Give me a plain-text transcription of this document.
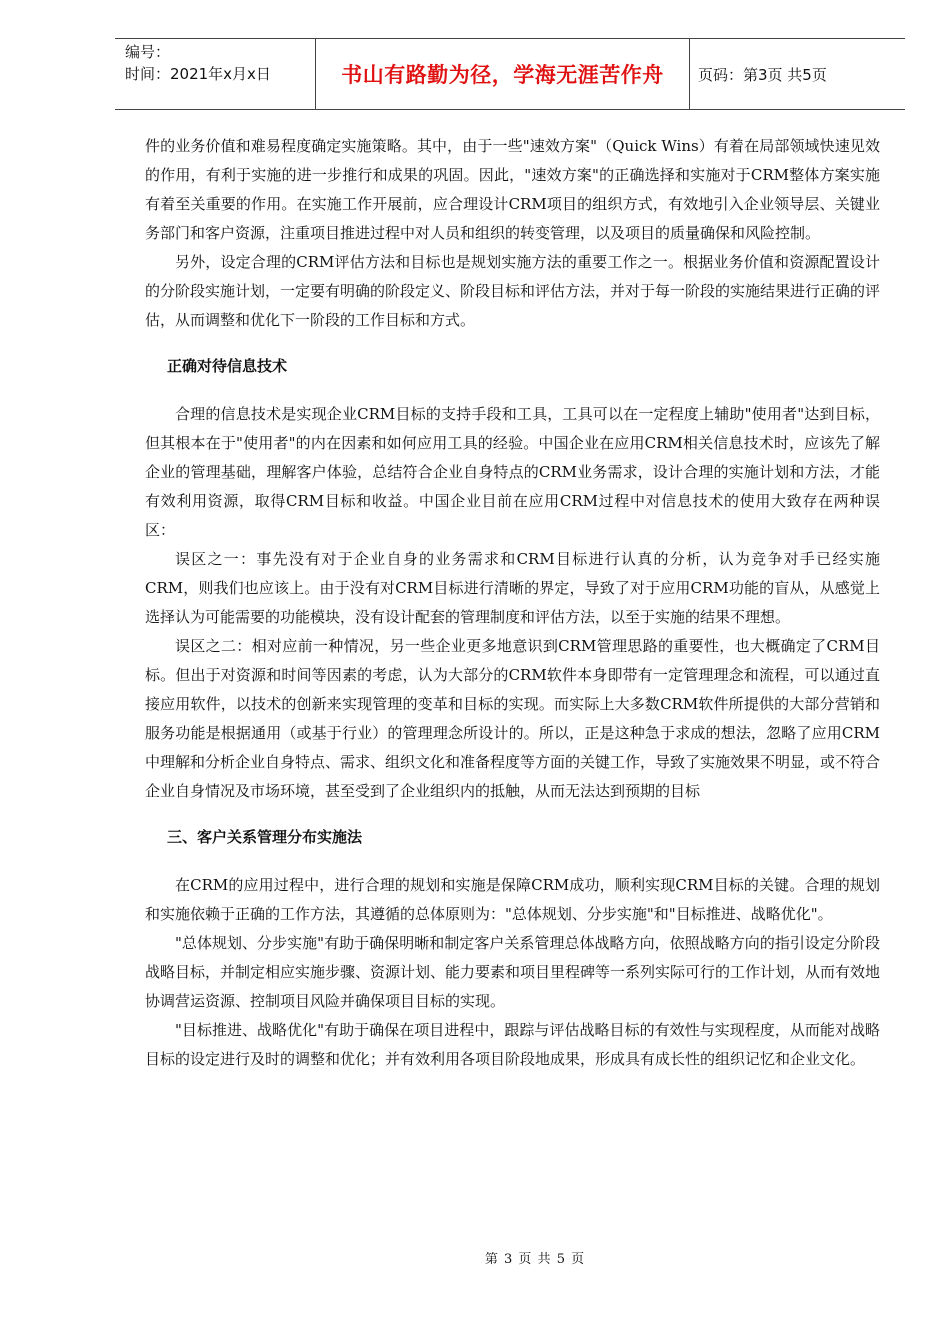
编号：
时间：2021年x月x日	书山有路勤为径，学海无涯苦作舟	页码：第3页 共5页

件的业务价值和难易程度确定实施策略。其中，由于一些"速效方案"（Quick Wins）有着在局部领域快速见效的作用，有利于实施的进一步推行和成果的巩固。因此，"速效方案"的正确选择和实施对于CRM整体方案实施有着至关重要的作用。在实施工作开展前，应合理设计CRM项目的组织方式，有效地引入企业领导层、关键业务部门和客户资源，注重项目推进过程中对人员和组织的转变管理，以及项目的质量确保和风险控制。

另外，设定合理的CRM评估方法和目标也是规划实施方法的重要工作之一。根据业务价值和资源配置设计的分阶段实施计划，一定要有明确的阶段定义、阶段目标和评估方法，并对于每一阶段的实施结果进行正确的评估，从而调整和优化下一阶段的工作目标和方式。

正确对待信息技术

合理的信息技术是实现企业CRM目标的支持手段和工具，工具可以在一定程度上辅助"使用者"达到目标，但其根本在于"使用者"的内在因素和如何应用工具的经验。中国企业在应用CRM相关信息技术时，应该先了解企业的管理基础，理解客户体验，总结符合企业自身特点的CRM业务需求，设计合理的实施计划和方法，才能有效利用资源，取得CRM目标和收益。中国企业目前在应用CRM过程中对信息技术的使用大致存在两种误区：

误区之一：事先没有对于企业自身的业务需求和CRM目标进行认真的分析，认为竞争对手已经实施CRM，则我们也应该上。由于没有对CRM目标进行清晰的界定，导致了对于应用CRM功能的盲从，从感觉上选择认为可能需要的功能模块，没有设计配套的管理制度和评估方法，以至于实施的结果不理想。

误区之二：相对应前一种情况，另一些企业更多地意识到CRM管理思路的重要性，也大概确定了CRM目标。但出于对资源和时间等因素的考虑，认为大部分的CRM软件本身即带有一定管理理念和流程，可以通过直接应用软件，以技术的创新来实现管理的变革和目标的实现。而实际上大多数CRM软件所提供的大部分营销和服务功能是根据通用（或基于行业）的管理理念所设计的。所以，正是这种急于求成的想法，忽略了应用CRM中理解和分析企业自身特点、需求、组织文化和准备程度等方面的关键工作，导致了实施效果不明显，或不符合企业自身情况及市场环境，甚至受到了企业组织内的抵触，从而无法达到预期的目标

三、客户关系管理分布实施法

在CRM的应用过程中，进行合理的规划和实施是保障CRM成功，顺利实现CRM目标的关键。合理的规划和实施依赖于正确的工作方法，其遵循的总体原则为："总体规划、分步实施"和"目标推进、战略优化"。

"总体规划、分步实施"有助于确保明晰和制定客户关系管理总体战略方向，依照战略方向的指引设定分阶段战略目标，并制定相应实施步骤、资源计划、能力要素和项目里程碑等一系列实际可行的工作计划，从而有效地协调营运资源、控制项目风险并确保项目目标的实现。

"目标推进、战略优化"有助于确保在项目进程中，跟踪与评估战略目标的有效性与实现程度，从而能对战略目标的设定进行及时的调整和优化；并有效利用各项目阶段地成果，形成具有成长性的组织记忆和企业文化。

第 3 页 共 5 页
